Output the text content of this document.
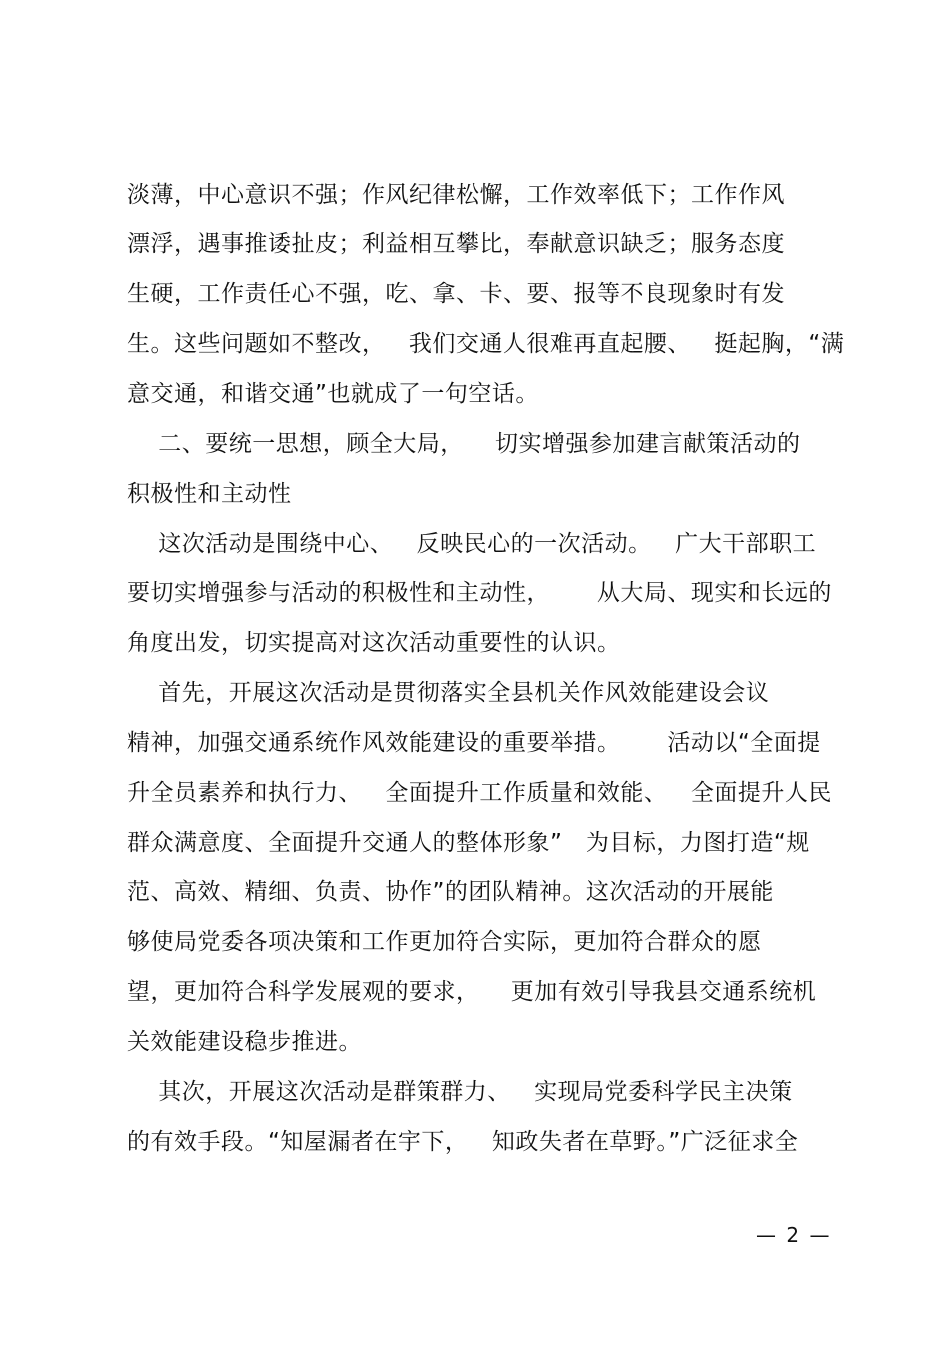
淡薄，中心意识不强；作风纪律松懈，工作效率低下；工作作风
漂浮，遇事推诿扯皮；利益相互攀比，奉献意识缺乏；服务态度
生硬，工作责任心不强，吃、拿、卡、要、报等不良现象时有发
生。这些问题如不整改，   我们交通人很难再直起腰、   挺起胸，“满
意交通，和谐交通”也就成了一句空话。
二、要统一思想，顾全大局，    切实增强参加建言献策活动的
积极性和主动性
这次活动是围绕中心、   反映民心的一次活动。   广大干部职工
要切实增强参与活动的积极性和主动性，      从大局、现实和长远的
角度出发，切实提高对这次活动重要性的认识。
首先，开展这次活动是贯彻落实全县机关作风效能建设会议
精神，加强交通系统作风效能建设的重要举措。      活动以“全面提
升全员素养和执行力、   全面提升工作质量和效能、   全面提升人民
群众满意度、全面提升交通人的整体形象”   为目标，力图打造“规
范、高效、精细、负责、协作”的团队精神。这次活动的开展能
够使局党委各项决策和工作更加符合实际，更加符合群众的愿
望，更加符合科学发展观的要求，    更加有效引导我县交通系统机
关效能建设稳步推进。
其次，开展这次活动是群策群力、   实现局党委科学民主决策
的有效手段。“知屋漏者在宇下，   知政失者在草野。”广泛征求全
— 2 —
